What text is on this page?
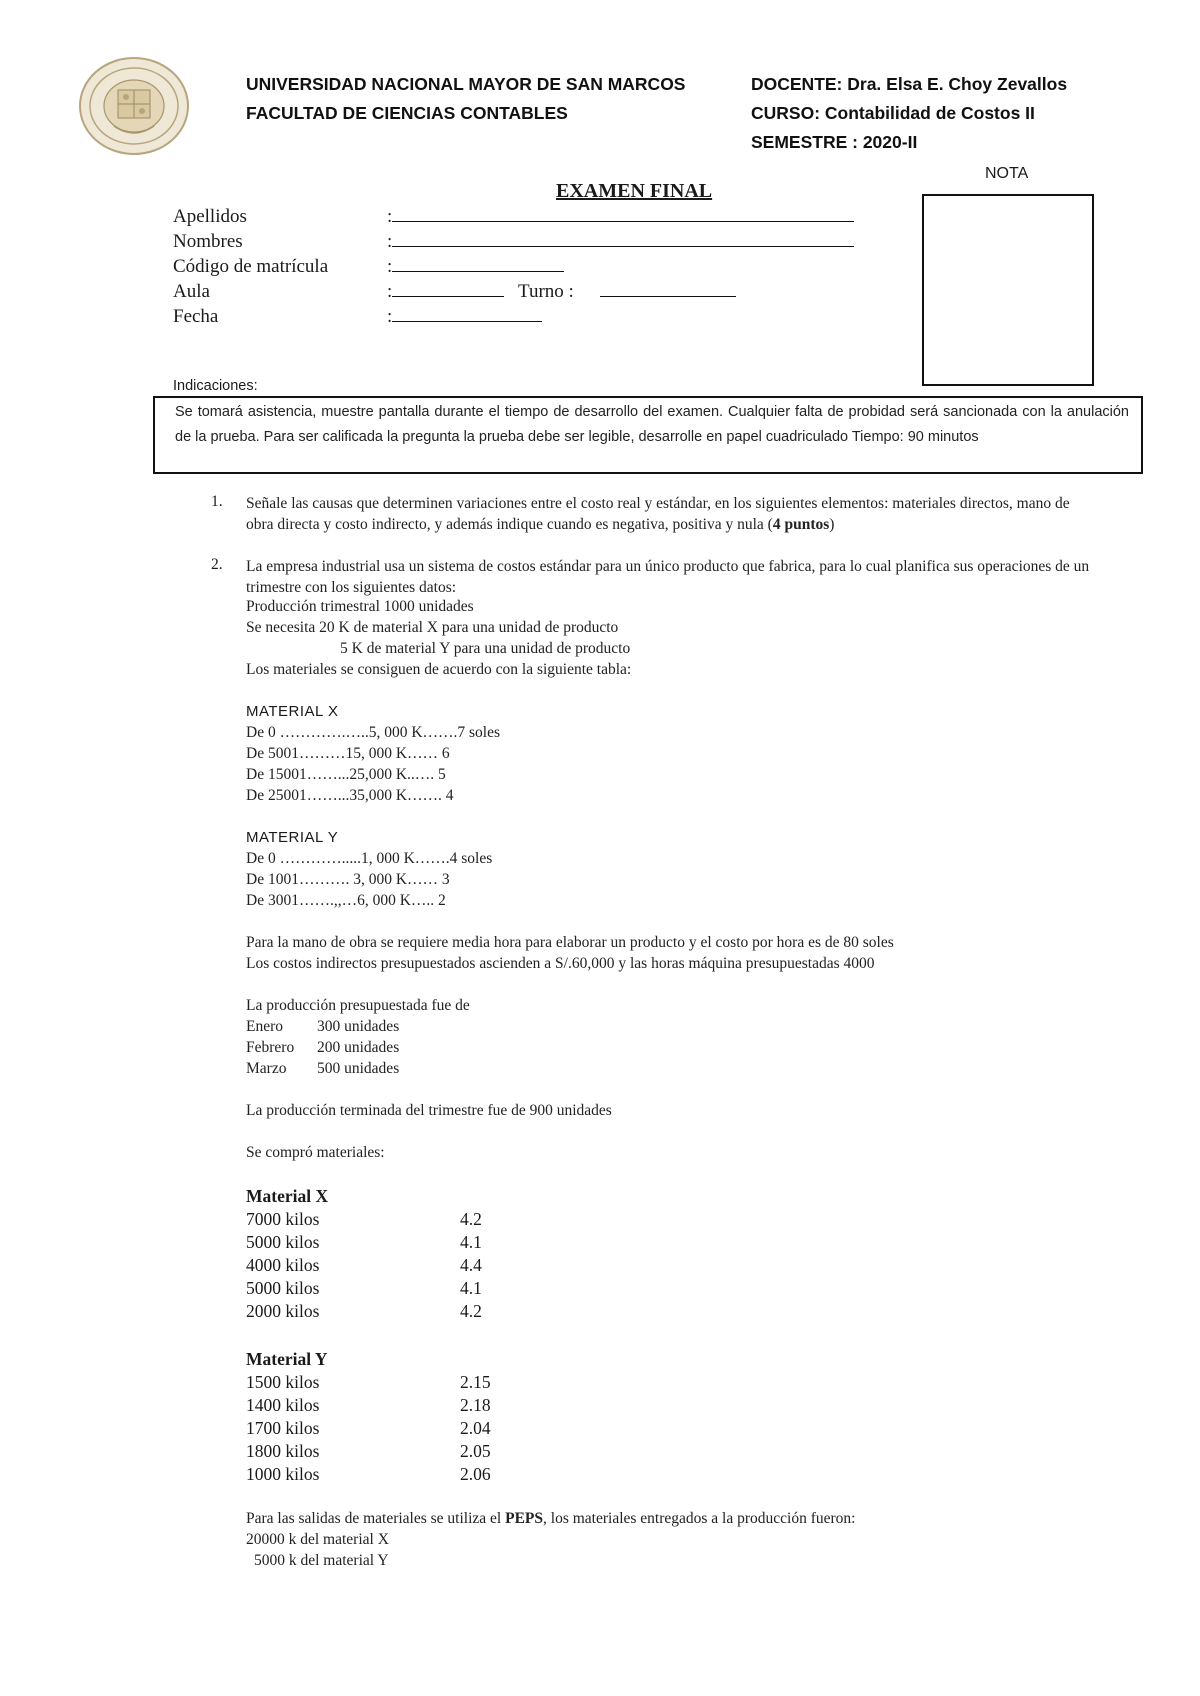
UNIVERSIDAD NACIONAL MAYOR DE SAN MARCOS
FACULTAD DE CIENCIAS CONTABLES
DOCENTE: Dra. Elsa E. Choy Zevallos
CURSO: Contabilidad de Costos II
SEMESTRE : 2020-II
NOTA
EXAMEN FINAL
Apellidos	:
Nombres	:
Código de matrícula	:
Aula	:	Turno :
Fecha	:
Indicaciones:
Se tomará asistencia, muestre pantalla durante el tiempo de desarrollo del examen. Cualquier falta de probidad será sancionada con la anulación de la prueba. Para ser calificada la pregunta la prueba debe ser legible, desarrolle en papel cuadriculado Tiempo: 90 minutos
1. Señale las causas que determinen variaciones entre el costo real y estándar, en los siguientes elementos: materiales directos, mano de obra directa y costo indirecto, y además indique cuando es negativa, positiva y nula (4 puntos)
2. La empresa industrial usa un sistema de costos estándar para un único producto que fabrica, para lo cual planifica sus operaciones de un trimestre con los siguientes datos:
Producción trimestral 1000 unidades
Se necesita 20 K de material X para una unidad de producto
5 K de material Y para una unidad de producto
Los materiales se consiguen de acuerdo con la siguiente tabla:
MATERIAL X
De 0 ………….…..5, 000 K…….7 soles
De 5001………15, 000 K…… 6
De 15001……...25,000 K..…. 5
De 25001……...35,000 K……. 4
MATERIAL Y
De 0 ………….....1, 000 K…….4 soles
De 1001………. 3, 000 K…… 3
De 3001…….,,…6, 000 K….. 2
Para la mano de obra se requiere media hora para elaborar un producto y el costo por hora es de 80 soles
Los costos indirectos presupuestados ascienden a S/.60,000 y las horas máquina presupuestadas 4000
La producción presupuestada fue de
Enero 300 unidades
Febrero 200 unidades
Marzo 500 unidades
La producción terminada del trimestre fue de 900 unidades
Se compró materiales:
Material X
7000 kilos	4.2
5000 kilos	4.1
4000 kilos	4.4
5000 kilos	4.1
2000 kilos	4.2
Material Y
1500 kilos	2.15
1400 kilos	2.18
1700 kilos	2.04
1800 kilos	2.05
1000 kilos	2.06
Para las salidas de materiales se utiliza el PEPS, los materiales entregados a la producción fueron:
20000 k del material X
5000 k del material Y
